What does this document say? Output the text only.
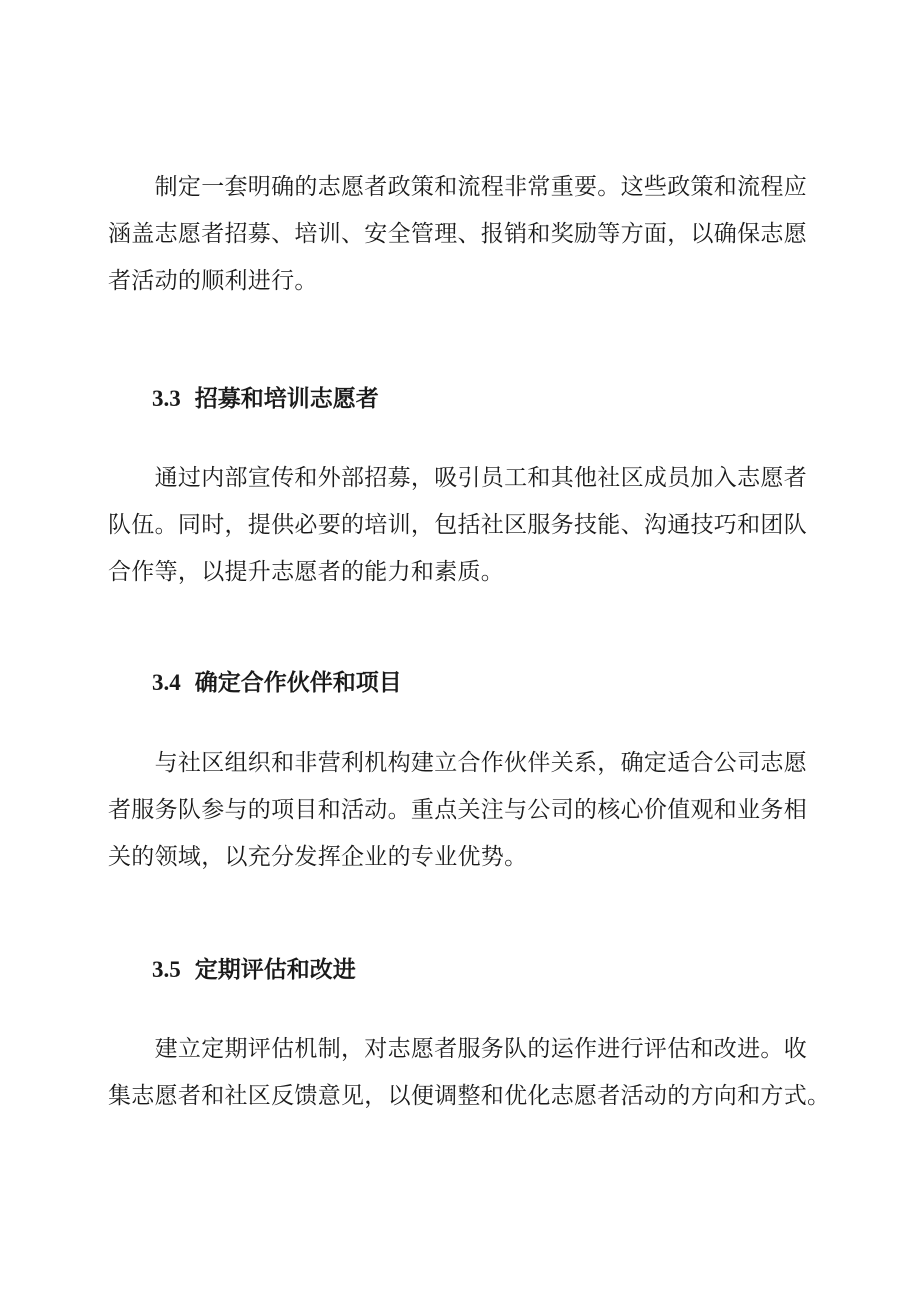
　　制定一套明确的志愿者政策和流程非常重要。这些政策和流程应
涵盖志愿者招募、培训、安全管理、报销和奖励等方面，以确保志愿
者活动的顺利进行。

3.3 招募和培训志愿者

　　通过内部宣传和外部招募，吸引员工和其他社区成员加入志愿者
队伍。同时，提供必要的培训，包括社区服务技能、沟通技巧和团队
合作等，以提升志愿者的能力和素质。

3.4 确定合作伙伴和项目

　　与社区组织和非营利机构建立合作伙伴关系，确定适合公司志愿
者服务队参与的项目和活动。重点关注与公司的核心价值观和业务相
关的领域，以充分发挥企业的专业优势。

3.5 定期评估和改进

　　建立定期评估机制，对志愿者服务队的运作进行评估和改进。收
集志愿者和社区反馈意见，以便调整和优化志愿者活动的方向和方式。
